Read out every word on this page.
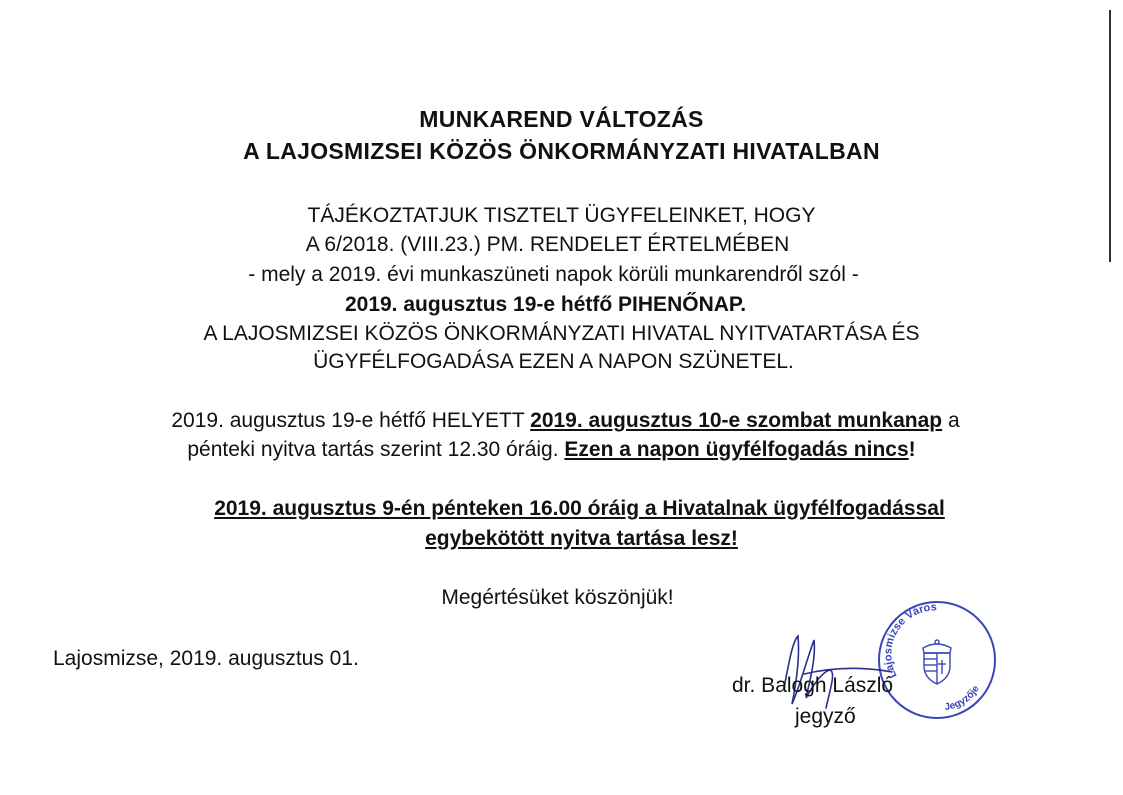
MUNKAREND VÁLTOZÁS
A LAJOSMIZSEI KÖZÖS ÖNKORMÁNYZATI HIVATALBAN
TÁJÉKOZTATJUK TISZTELT ÜGYFELEINKET, HOGY
A 6/2018. (VIII.23.) PM. RENDELET ÉRTELMÉBEN
- mely a 2019. évi munkaszüneti napok körüli munkarendről szól -
2019. augusztus 19-e hétfő PIHENŐNAP.
A LAJOSMIZSEI KÖZÖS ÖNKORMÁNYZATI HIVATAL NYITVATARTÁSA ÉS
ÜGYFÉLFOGADÁSA EZEN A NAPON SZÜNETEL.
2019. augusztus 19-e hétfő HELYETT 2019. augusztus 10-e szombat munkanap a
pénteki nyitva tartás szerint 12.30 óráig. Ezen a napon ügyfélfogadás nincs!
2019. augusztus 9-én pénteken 16.00 óráig a Hivatalnak ügyfélfogadással
egybekötött nyitva tartása lesz!
Megértésüket köszönjük!
Lajosmizse, 2019. augusztus 01.
Lajosmizse Város
Jegyzője
dr. Balogh László
jegyző
